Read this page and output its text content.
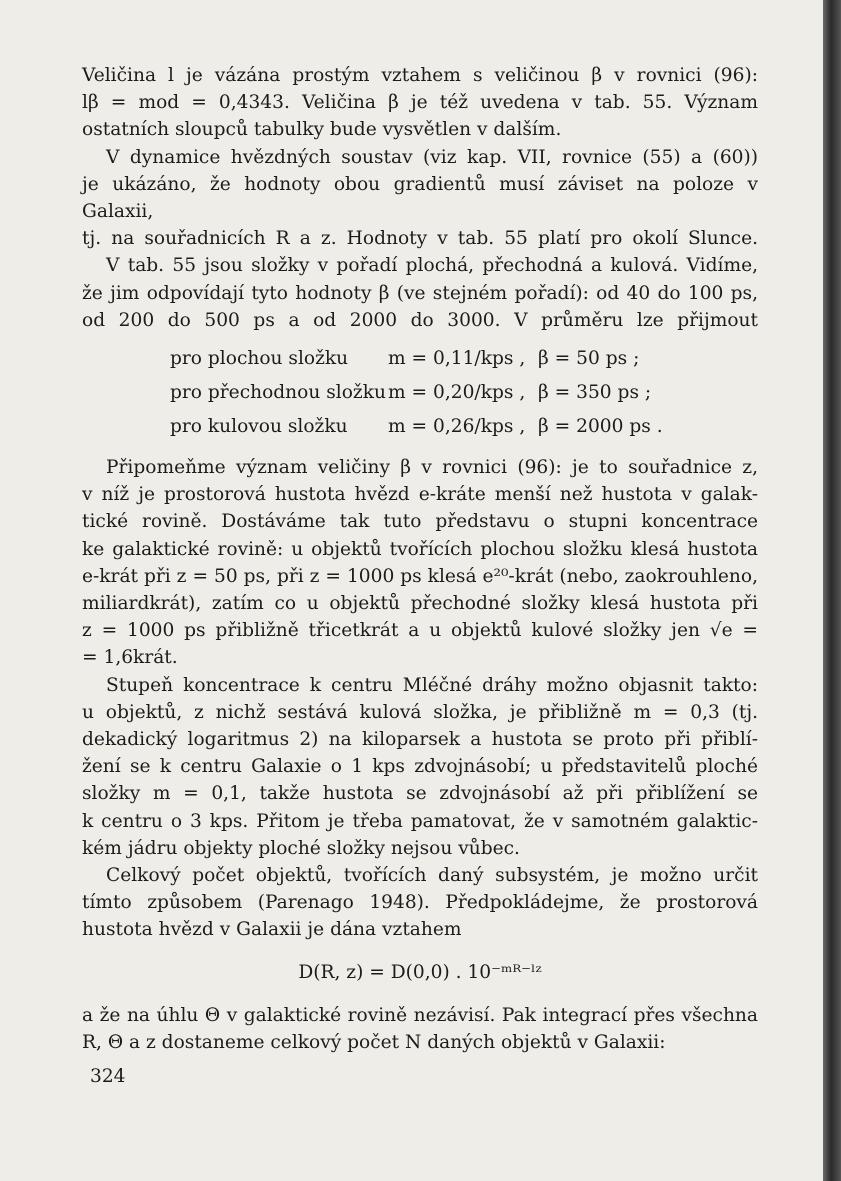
Veličina l je vázána prostým vztahem s veličinou β v rovnici (96):

lβ = mod = 0,4343. Veličina β je též uvedena v tab. 55. Význam

ostatních sloupců tabulky bude vysvětlen v dalším.

V dynamice hvězdných soustav (viz kap. VII, rovnice (55) a (60))

je ukázáno, že hodnoty obou gradientů musí záviset na poloze v Galaxii,

tj. na souřadnicích R a z. Hodnoty v tab. 55 platí pro okolí Slunce.

V tab. 55 jsou složky v pořadí plochá, přechodná a kulová. Vidíme,

že jim odpovídají tyto hodnoty β (ve stejném pořadí): od 40 do 100 ps,

od 200 do 500 ps a od 2000 do 3000. V průměru lze přijmout

pro plochou složku	m = 0,11/kps , β = 50 ps ;
pro přechodnou složku m = 0,20/kps , β = 350 ps ;
pro kulovou složku	m = 0,26/kps , β = 2000 ps .

Připomeňme význam veličiny β v rovnici (96): je to souřadnice z,

v níž je prostorová hustota hvězd e-kráte menší než hustota v galak-

tické rovině. Dostáváme tak tuto představu o stupni koncentrace

ke galaktické rovině: u objektů tvořících plochou složku klesá hustota

e-krát při z = 50 ps, při z = 1000 ps klesá e²⁰-krát (nebo, zaokrouhleno,

miliardkrát), zatím co u objektů přechodné složky klesá hustota při

z = 1000 ps přibližně třicetkrát a u objektů kulové složky jen √e =

= 1,6krát.

Stupeň koncentrace k centru Mléčné dráhy možno objasnit takto:

u objektů, z nichž sestává kulová složka, je přibližně m = 0,3 (tj.

dekadický logaritmus 2) na kiloparsek a hustota se proto při přiblí-

žení se k centru Galaxie o 1 kps zdvojnásobí; u představitelů ploché

složky m = 0,1, takže hustota se zdvojnásobí až při přiblížení se

k centru o 3 kps. Přitom je třeba pamatovat, že v samotném galaktic-

kém jádru objekty ploché složky nejsou vůbec.

Celkový počet objektů, tvořících daný subsystém, je možno určit

tímto způsobem (Parenago 1948). Předpokládejme, že prostorová

hustota hvězd v Galaxii je dána vztahem

D(R, z) = D(0,0) . 10⁻ᵐᴿ⁻ˡᶻ

a že na úhlu Θ v galaktické rovině nezávisí. Pak integrací přes všechna

R, Θ a z dostaneme celkový počet N daných objektů v Galaxii:

324
